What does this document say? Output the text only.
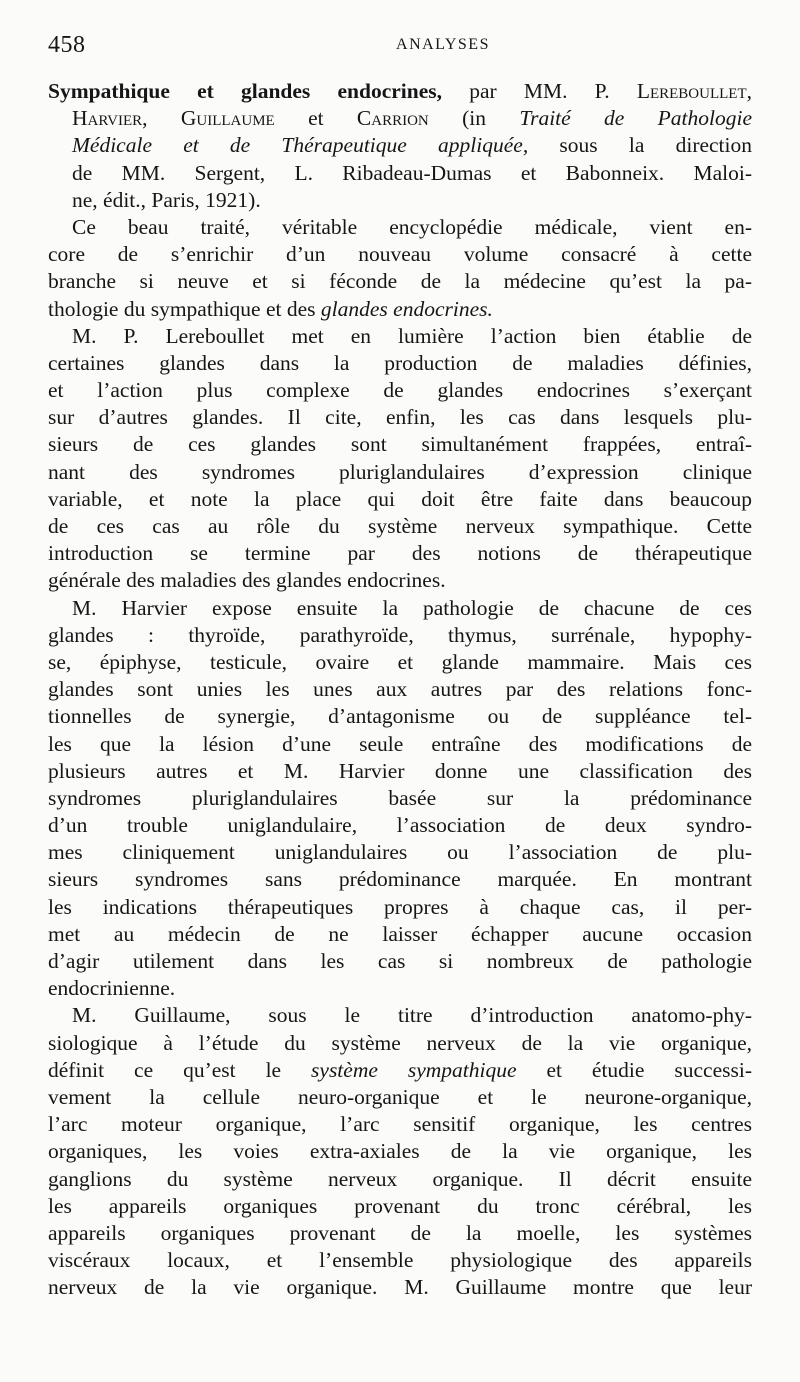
458	ANALYSES
Sympathique et glandes endocrines, par MM. P. Lereboullet,
Harvier, Guillaume et Carrion (in Traité de Pathologie
Médicale et de Thérapeutique appliquée, sous la direction
de MM. Sergent, L. Ribadeau-Dumas et Babonneix. Maloi-
ne, édit., Paris, 1921).
Ce beau traité, véritable encyclopédie médicale, vient en-
core de s’enrichir d’un nouveau volume consacré à cette
branche si neuve et si féconde de la médecine qu’est la pa-
thologie du sympathique et des glandes endocrines.
M. P. Lereboullet met en lumière l’action bien établie de
certaines glandes dans la production de maladies définies,
et l’action plus complexe de glandes endocrines s’exerçant
sur d’autres glandes. Il cite, enfin, les cas dans lesquels plu-
sieurs de ces glandes sont simultanément frappées, entraî-
nant des syndromes pluriglandulaires d’expression clinique
variable, et note la place qui doit être faite dans beaucoup
de ces cas au rôle du système nerveux sympathique. Cette
introduction se termine par des notions de thérapeutique
générale des maladies des glandes endocrines.
M. Harvier expose ensuite la pathologie de chacune de ces
glandes : thyroïde, parathyroïde, thymus, surrénale, hypophy-
se, épiphyse, testicule, ovaire et glande mammaire. Mais ces
glandes sont unies les unes aux autres par des relations fonc-
tionnelles de synergie, d’antagonisme ou de suppléance tel-
les que la lésion d’une seule entraîne des modifications de
plusieurs autres et M. Harvier donne une classification des
syndromes pluriglandulaires basée sur la prédominance
d’un trouble uniglandulaire, l’association de deux syndro-
mes cliniquement uniglandulaires ou l’association de plu-
sieurs syndromes sans prédominance marquée. En montrant
les indications thérapeutiques propres à chaque cas, il per-
met au médecin de ne laisser échapper aucune occasion
d’agir utilement dans les cas si nombreux de pathologie
endocrinienne.
M. Guillaume, sous le titre d’introduction anatomo-phy-
siologique à l’étude du système nerveux de la vie organique,
définit ce qu’est le système sympathique et étudie successi-
vement la cellule neuro-organique et le neurone-organique,
l’arc moteur organique, l’arc sensitif organique, les centres
organiques, les voies extra-axiales de la vie organique, les
ganglions du système nerveux organique. Il décrit ensuite
les appareils organiques provenant du tronc cérébral, les
appareils organiques provenant de la moelle, les systèmes
viscéraux locaux, et l’ensemble physiologique des appareils
nerveux de la vie organique. M. Guillaume montre que leur
